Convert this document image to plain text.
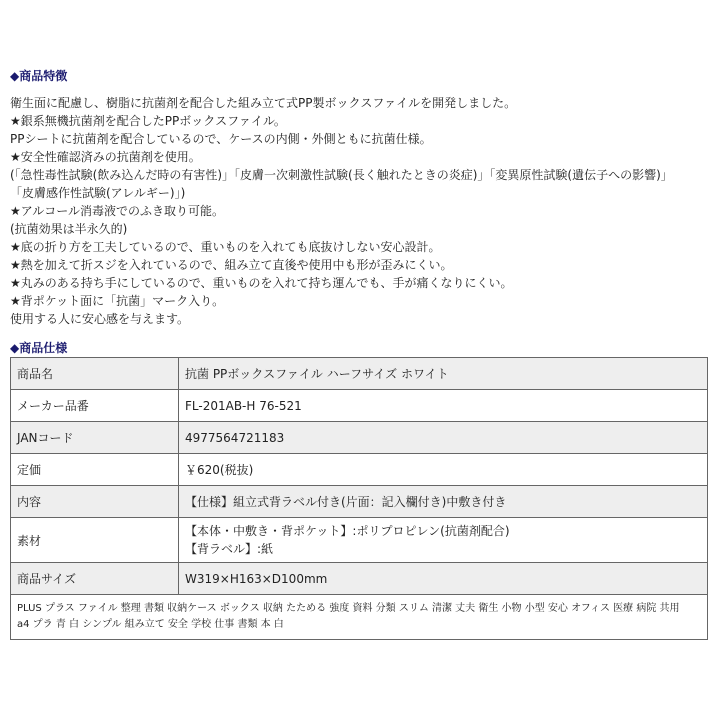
◆商品特徴
衛生面に配慮し、樹脂に抗菌剤を配合した組み立て式PP製ボックスファイルを開発しました。
★銀系無機抗菌剤を配合したPPボックスファイル。
PPシートに抗菌剤を配合しているので、ケースの内側・外側ともに抗菌仕様。
★安全性確認済みの抗菌剤を使用。
(「急性毒性試験(飲み込んだ時の有害性)」「皮膚一次刺激性試験(長く触れたときの炎症)」「変異原性試験(遺伝子への影響)」
「皮膚感作性試験(アレルギー)」)
★アルコール消毒液でのふき取り可能。
(抗菌効果は半永久的)
★底の折り方を工夫しているので、重いものを入れても底抜けしない安心設計。
★熱を加えて折スジを入れているので、組み立て直後や使用中も形が歪みにくい。
★丸みのある持ち手にしているので、重いものを入れて持ち運んでも、手が痛くなりにくい。
★背ポケット面に「抗菌」マーク入り。
使用する人に安心感を与えます。
◆商品仕様
商品名	抗菌 PPボックスファイル ハーフサイズ ホワイト
メーカー品番	FL-201AB-H 76-521
JANコード	4977564721183
定価	￥620(税抜)
内容	【仕様】組立式背ラベル付き(片面：記入欄付き)中敷き付き
素材	【本体・中敷き・背ポケット】:ポリプロピレン(抗菌剤配合)
【背ラベル】:紙

商品サイズ	W319×H163×D100mm

PLUS プラス ファイル 整理 書類 収納ケース ボックス 収納 たためる 強度 資料 分類 スリム 清潔 丈夫 衛生 小物 小型 安心 オフィス 医療 病院 共用
a4 プラ 青 白 シンプル 組み立て 安全 学校 仕事 書類 本 白	
